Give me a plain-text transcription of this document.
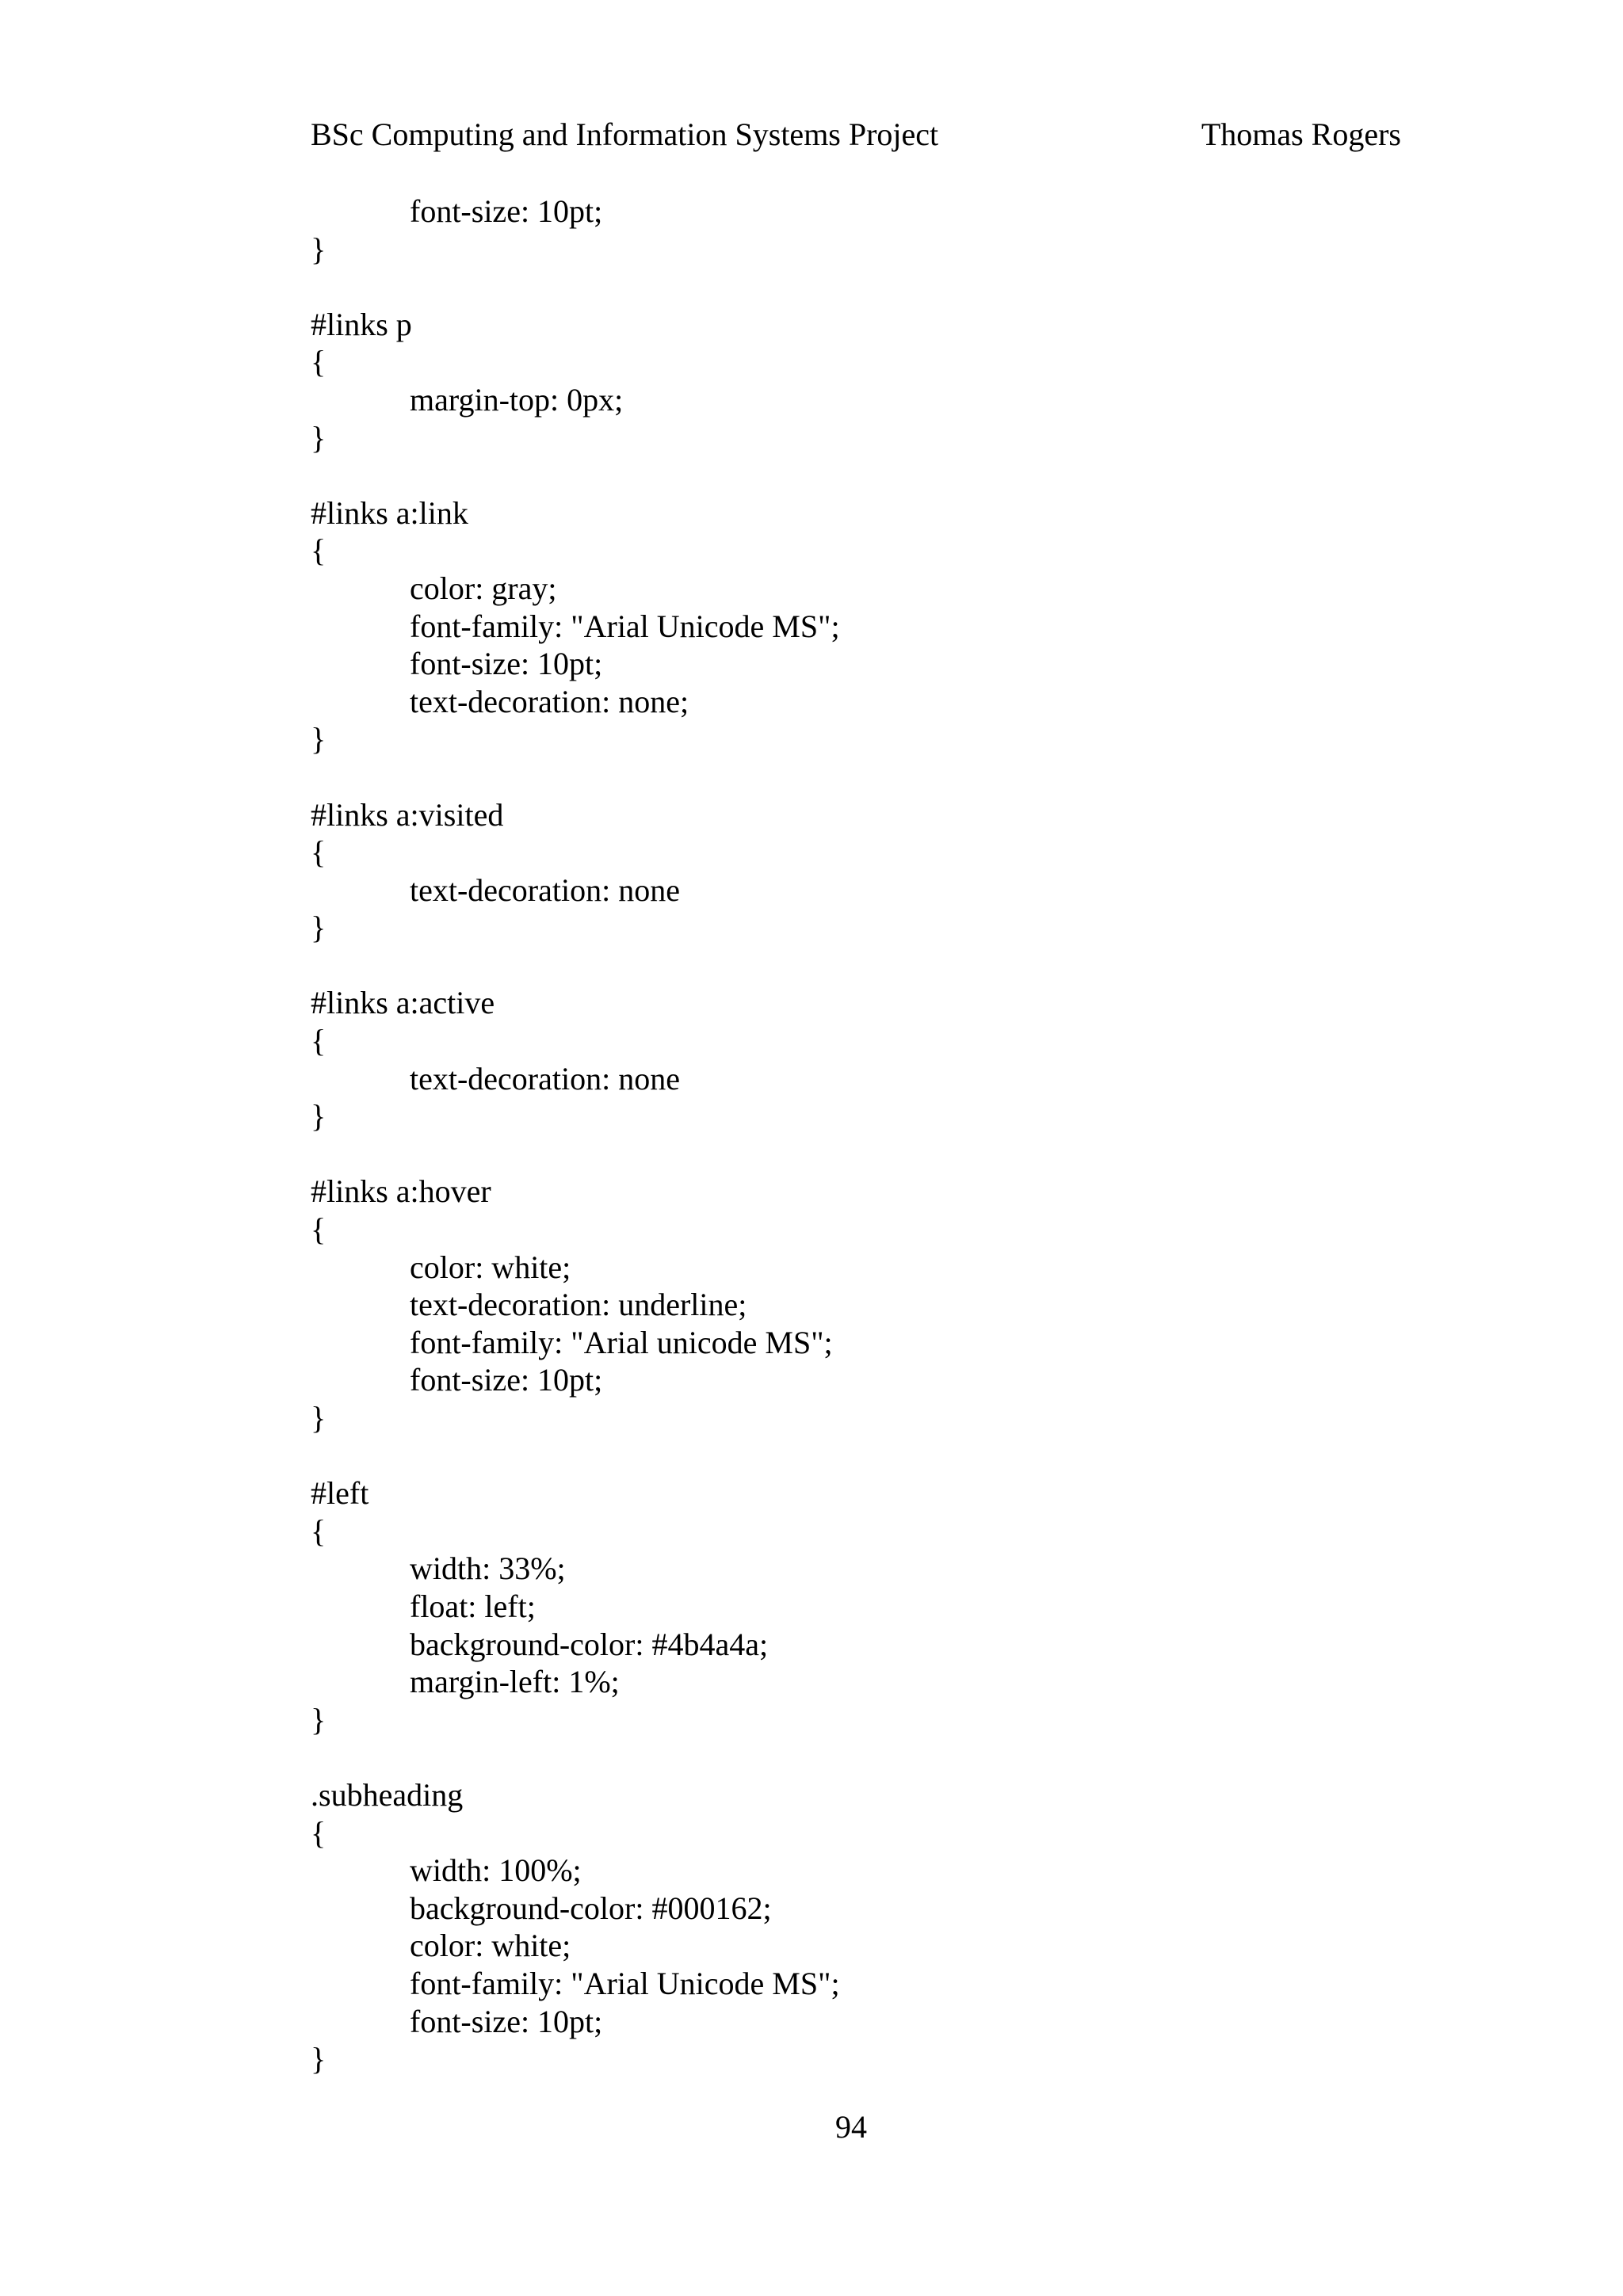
BSc Computing and Information Systems Project	Thomas Rogers
font-size: 10pt;
}
#links p
{
margin-top: 0px;
}
#links a:link
{
color: gray;
font-family: "Arial Unicode MS";
font-size: 10pt;
text-decoration: none;
}
#links a:visited
{
text-decoration: none
}
#links a:active
{
text-decoration: none
}
#links a:hover
{
color: white;
text-decoration: underline;
font-family: "Arial unicode MS";
font-size: 10pt;
}
#left
{
width: 33%;
float: left;
background-color: #4b4a4a;
margin-left: 1%;
}
.subheading
{
width: 100%;
background-color: #000162;
color: white;
font-family: "Arial Unicode MS";
font-size: 10pt;
}
94
